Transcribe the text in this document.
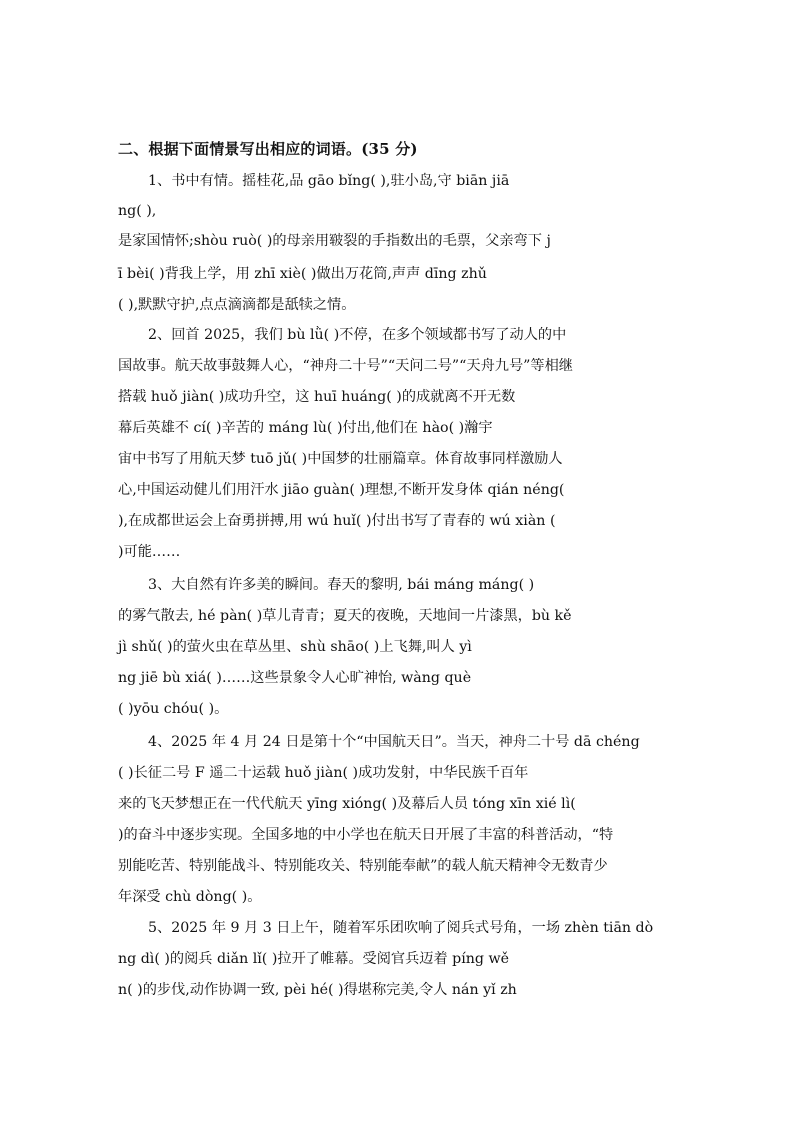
二、根据下面情景写出相应的词语。(35 分)
1、书中有情。摇桂花,品 gāo bǐng( ),驻小岛,守 biān jiā
ng( ),
是家国情怀;shòu ruò( )的母亲用皲裂的手指数出的毛票，父亲弯下 j
ī bèi( )背我上学，用 zhī xiè( )做出万花筒,声声 dīng zhǔ
( ),默默守护,点点滴滴都是舐犊之情。
2、回首 2025，我们 bù lǜ( )不停，在多个领域都书写了动人的中
国故事。航天故事鼓舞人心，“神舟二十号”“天问二号”“天舟九号”等相继
搭载 huǒ jiàn( )成功升空，这 huī huáng( )的成就离不开无数
幕后英雄不 cí( )辛苦的 máng lù( )付出,他们在 hào( )瀚宇
宙中书写了用航天梦 tuō jǔ( )中国梦的壮丽篇章。体育故事同样激励人
心,中国运动健儿们用汗水 jiāo guàn( )理想,不断开发身体 qián néng(
),在成都世运会上奋勇拼搏,用 wú huǐ( )付出书写了青春的 wú xiàn (
)可能……
3、大自然有许多美的瞬间。春天的黎明, bái máng máng( )
的雾气散去, hé pàn( )草儿青青；夏天的夜晚，天地间一片漆黑，bù kě
jì shǔ( )的萤火虫在草丛里、shù shāo( )上飞舞,叫人 yì
ng jiē bù xiá( )……这些景象令人心旷神怡, wàng què
( )yōu chóu( )。
4、2025 年 4 月 24 日是第十个“中国航天日”。当天，神舟二十号 dā chéng
( )长征二号 F 遥二十运载 huǒ jiàn( )成功发射，中华民族千百年
来的飞天梦想正在一代代航天 yīng xióng( )及幕后人员 tóng xīn xié lì(
)的奋斗中逐步实现。全国多地的中小学也在航天日开展了丰富的科普活动，“特
别能吃苦、特别能战斗、特别能攻关、特别能奉献”的载人航天精神令无数青少
年深受 chù dòng( )。
5、2025 年 9 月 3 日上午，随着军乐团吹响了阅兵式号角，一场 zhèn tiān dò
ng dì( )的阅兵 diǎn lǐ( )拉开了帷幕。受阅官兵迈着 píng wě
n( )的步伐,动作协调一致, pèi hé( )得堪称完美,令人 nán yǐ zh
